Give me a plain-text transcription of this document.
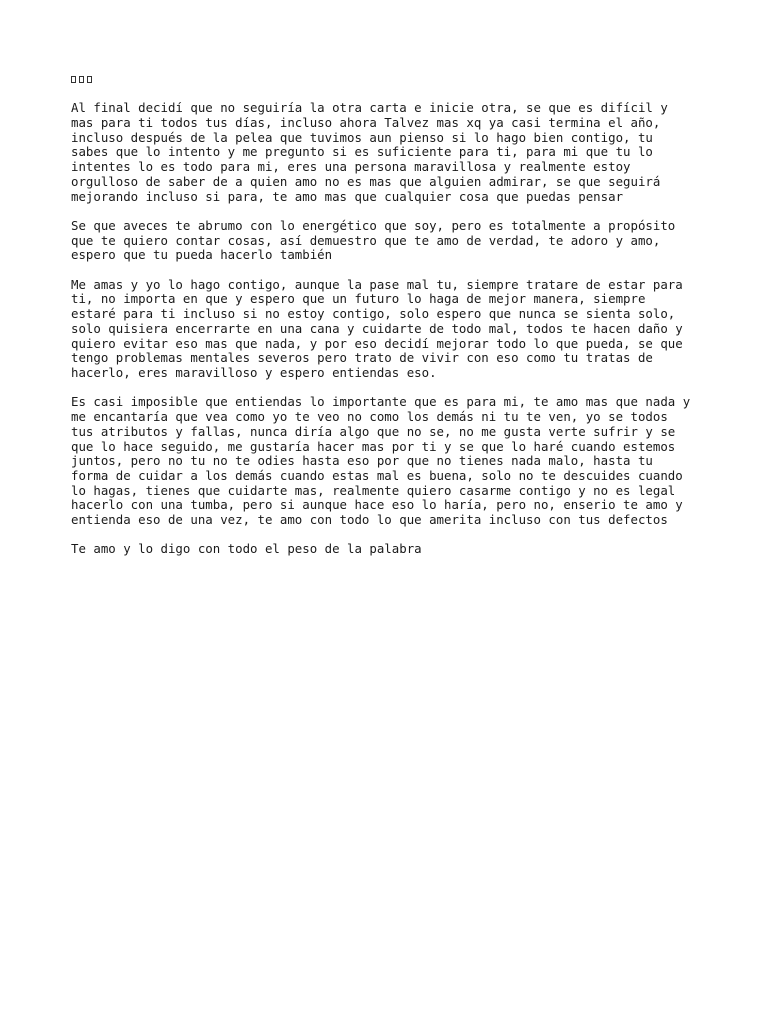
Al final decidí que no seguiría la otra carta e inicie otra, se que es difícil y
mas para ti todos tus días, incluso ahora Talvez mas xq ya casi termina el año,
incluso después de la pelea que tuvimos aun pienso si lo hago bien contigo, tu
sabes que lo intento y me pregunto si es suficiente para ti, para mi que tu lo
intentes lo es todo para mi, eres una persona maravillosa y realmente estoy
orgulloso de saber de a quien amo no es mas que alguien admirar, se que seguirá
mejorando incluso si para, te amo mas que cualquier cosa que puedas pensar
Se que aveces te abrumo con lo energético que soy, pero es totalmente a propósito
que te quiero contar cosas, así demuestro que te amo de verdad, te adoro y amo,
espero que tu pueda hacerlo también
Me amas y yo lo hago contigo, aunque la pase mal tu, siempre tratare de estar para
ti, no importa en que y espero que un futuro lo haga de mejor manera, siempre
estaré para ti incluso si no estoy contigo, solo espero que nunca se sienta solo,
solo quisiera encerrarte en una cana y cuidarte de todo mal, todos te hacen daño y
quiero evitar eso mas que nada, y por eso decidí mejorar todo lo que pueda, se que
tengo problemas mentales severos pero trato de vivir con eso como tu tratas de
hacerlo, eres maravilloso y espero entiendas eso.
Es casi imposible que entiendas lo importante que es para mi, te amo mas que nada y
me encantaría que vea como yo te veo no como los demás ni tu te ven, yo se todos
tus atributos y fallas, nunca diría algo que no se, no me gusta verte sufrir y se
que lo hace seguido, me gustaría hacer mas por ti y se que lo haré cuando estemos
juntos, pero no tu no te odies hasta eso por que no tienes nada malo, hasta tu
forma de cuidar a los demás cuando estas mal es buena, solo no te descuides cuando
lo hagas, tienes que cuidarte mas, realmente quiero casarme contigo y no es legal
hacerlo con una tumba, pero si aunque hace eso lo haría, pero no, enserio te amo y
entienda eso de una vez, te amo con todo lo que amerita incluso con tus defectos
Te amo y lo digo con todo el peso de la palabra
